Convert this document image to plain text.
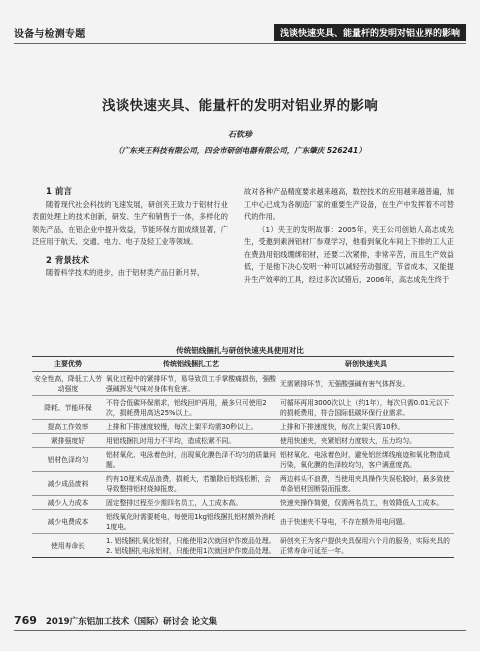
设备与检测专题	浅谈快速夹具、能量杆的发明对铝业界的影响
浅谈快速夹具、能量杆的发明对铝业界的影响
石钦珍
（广东夹王科技有限公司，四会市研创电器有限公司，广东肇庆 526241）

1 前言

随着现代社会科技的飞速发展，研创夹王致力于铝材行业表面处理上的技术创新，研发、生产和销售于一体，多样化的领先产品，在铝企业中提升效益，节能环保方面成绩显著，广泛应用于航天、交通、电力、电子及轻工业等领域。

2 背景技术

随着科学技术的进步，由于铝材类产品日新月异，

故对各种产品精度要求越来越高，数控技术的应用越来越普遍，加工中心已成为各制造厂家的重要生产设备，在生产中发挥着不可替代的作用。

（1）夹王的发明故事：2005年，夹王公司创始人高志成先生，受邀到素洲铝材厂参观学习，他看到氧化车间上下排的工人正在费劲用铝线绷绑铝材，还要二次紧排，非常辛苦，而且生产效益低，于是他下决心发明一种可以减轻劳动强度，节省成本，又能提升生产效率的工具，经过多次试错后，2006年，高志成先生终于

传统铝线捆扎与研创快速夹具使用对比
主要优势	传统铝线捆扎工艺	研创快速夹具
安全性高，降低工人劳动强度	氧化过程中的紧排环节，易导致员工手掌酸痛损伤，强酸强碱挥发气味对身体有危害。	无需紧排环节，无强酸强碱有害气体挥发。
降耗、节能环保	不符合低碳环保需求，铝线回炉再用，最多只可使用2次，损耗费用高达25%以上。	可循环再用3000次以上（约1年），每次只需0.01元以下的损耗费用，符合国际低碳环保行业需求。
提高工作效率	上排和下排速度较慢，每次上架平均需30秒以上。	上排和下排速度快，每次上架只需10秒。
紧排强度好	用铝线捆扎时用力不平均，造成松紧不同。	使用快速夹，夹紧铝材力度较大，压力均匀。
铝材色泽均匀	铝材氧化、电泳着色时，出现氧化膜色泽不均匀的质量问题。	铝材氧化、电泳着色时，避免铝丝绑线痕迹和氧化物造成污染，氧化膜的色泽较均匀，客户满意度高。
减少成品废料	约有10厘米成品浪费，损耗大，若撤除后铝线松断，会导致整排铝材烧掉报废。	两边料头不浪费，当使用夹具操作失误松脱时，最多致使单条铝材因断裂而报废。
减少人力成本	固定整排过程至少需四名员工，人工成本高。	快速夹操作简便，仅需两名员工，有效降低人工成本。
减少电费成本	铝线氧化时需要耗电，每使用1kg铝线捆扎铝材额外消耗1度电。	由于快速夹不导电，不存在额外用电问题。
使用寿命长	1. 铝线捆扎氧化铝材，只能使用2次就回炉作废品处理。
2. 铝线捆扎电泳铝材，只能使用1次就回炉作废品处理。	研创夹王为客户提供夹具保用六个月的服务，实际夹具的正常寿命可延至一年。
769 2019广东铝加工技术（国际）研讨会 论文集
